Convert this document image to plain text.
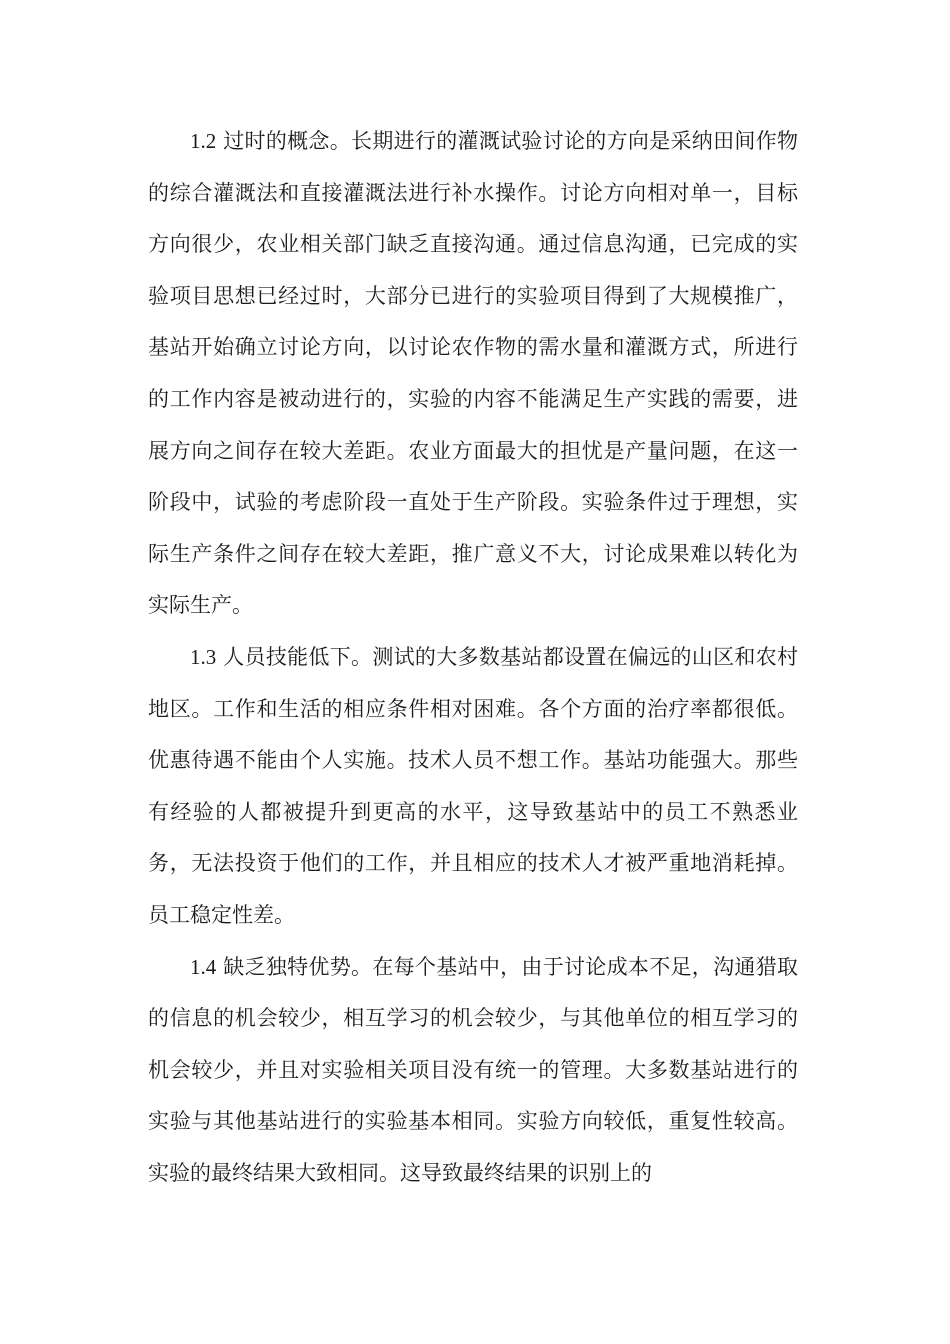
1.2 过时的概念。长期进行的灌溉试验讨论的方向是采纳田间作物的综合灌溉法和直接灌溉法进行补水操作。讨论方向相对单一，目标方向很少，农业相关部门缺乏直接沟通。通过信息沟通，已完成的实验项目思想已经过时，大部分已进行的实验项目得到了大规模推广，基站开始确立讨论方向，以讨论农作物的需水量和灌溉方式，所进行的工作内容是被动进行的，实验的内容不能满足生产实践的需要，进展方向之间存在较大差距。农业方面最大的担忧是产量问题，在这一阶段中，试验的考虑阶段一直处于生产阶段。实验条件过于理想，实际生产条件之间存在较大差距，推广意义不大，讨论成果难以转化为实际生产。

1.3 人员技能低下。测试的大多数基站都设置在偏远的山区和农村地区。工作和生活的相应条件相对困难。各个方面的治疗率都很低。优惠待遇不能由个人实施。技术人员不想工作。基站功能强大。那些有经验的人都被提升到更高的水平，这导致基站中的员工不熟悉业务，无法投资于他们的工作，并且相应的技术人才被严重地消耗掉。员工稳定性差。

1.4 缺乏独特优势。在每个基站中，由于讨论成本不足，沟通猎取的信息的机会较少，相互学习的机会较少，与其他单位的相互学习的机会较少，并且对实验相关项目没有统一的管理。大多数基站进行的实验与其他基站进行的实验基本相同。实验方向较低，重复性较高。实验的最终结果大致相同。这导致最终结果的识别上的
